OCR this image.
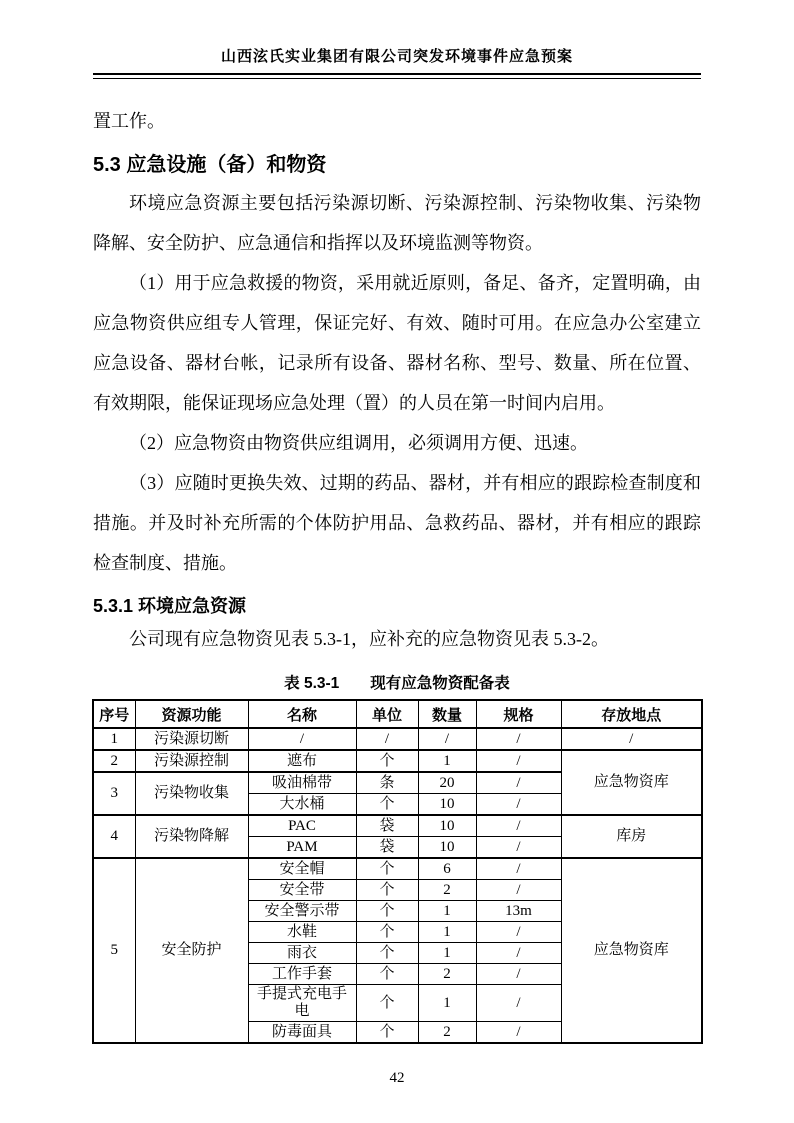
山西泫氏实业集团有限公司突发环境事件应急预案

置工作。

5.3 应急设施（备）和物资

环境应急资源主要包括污染源切断、污染源控制、污染物收集、污染物降解、安全防护、应急通信和指挥以及环境监测等物资。

（1）用于应急救援的物资，采用就近原则，备足、备齐，定置明确，由应急物资供应组专人管理，保证完好、有效、随时可用。在应急办公室建立应急设备、器材台帐，记录所有设备、器材名称、型号、数量、所在位置、有效期限，能保证现场应急处理（置）的人员在第一时间内启用。

（2）应急物资由物资供应组调用，必须调用方便、迅速。

（3）应随时更换失效、过期的药品、器材，并有相应的跟踪检查制度和措施。并及时补充所需的个体防护用品、急救药品、器材，并有相应的跟踪检查制度、措施。

5.3.1 环境应急资源

公司现有应急物资见表 5.3-1，应补充的应急物资见表 5.3-2。

表 5.3-1　　现有应急物资配备表
序号	资源功能	名称	单位	数量	规格	存放地点
1	污染源切断	/	/	/	/	/
2	污染源控制	遮布	个	1	/	应急物资库
3	污染物收集	吸油棉带	条	20	/	
		大水桶	个	10	/	
4	污染物降解	PAC	袋	10	/	库房
		PAM	袋	10	/	
5	安全防护	安全帽	个	6	/	应急物资库
		安全带	个	2	/	
		安全警示带	个	1	13m	
		水鞋	个	1	/	
		雨衣	个	1	/	
		工作手套	个	2	/	
		手提式充电手电	个	1	/	
		防毒面具	个	2	/	
42
